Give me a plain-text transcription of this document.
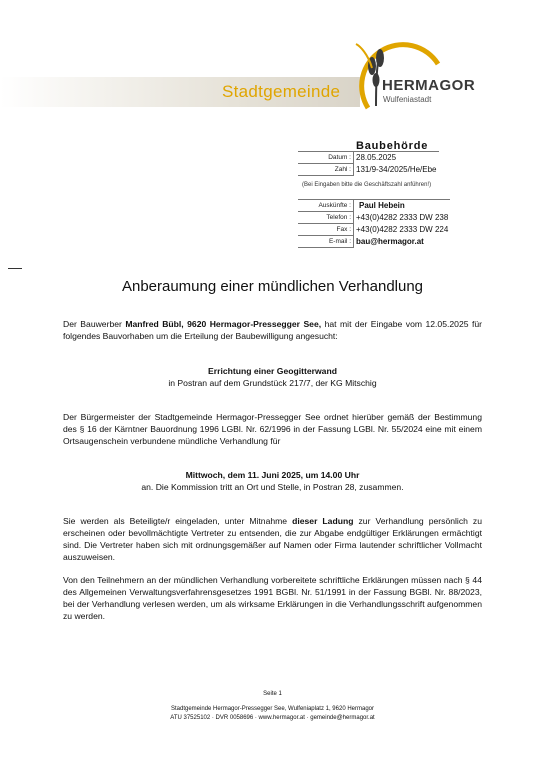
Stadtgemeinde	HERMAGOR
Wulfeniastadt
Baubehörde
Datum :	28.05.2025
Zahl :	131/9-34/2025/He/Ebe
(Bei Eingaben bitte die Geschäftszahl anführen!)
Auskünfte :	Paul Hebein
Telefon :	+43(0)4282 2333 DW 238
Fax :	+43(0)4282 2333 DW 224
E-mail :	bau@hermagor.at
Anberaumung einer mündlichen Verhandlung

Der Bauwerber Manfred Bübl, 9620 Hermagor-Pressegger See, hat mit der Eingabe vom 12.05.2025 für folgendes Bauvorhaben um die Erteilung der Baubewilligung angesucht:

Errichtung einer Geogitterwand

in Postran auf dem Grundstück 217/7, der KG Mitschig

Der Bürgermeister der Stadtgemeinde Hermagor-Pressegger See ordnet hierüber gemäß der Bestimmung des § 16 der Kärntner Bauordnung 1996 LGBl. Nr. 62/1996 in der Fassung LGBl. Nr. 55/2024 eine mit einem Ortsaugenschein verbundene mündliche Verhandlung für

Mittwoch, dem 11. Juni 2025, um 14.00 Uhr

an. Die Kommission tritt an Ort und Stelle, in Postran 28, zusammen.

Sie werden als Beteiligte/r eingeladen, unter Mitnahme dieser Ladung zur Verhandlung persönlich zu erscheinen oder bevollmächtigte Vertreter zu entsenden, die zur Abgabe endgültiger Erklärungen ermächtigt sind. Die Vertreter haben sich mit ordnungsgemäßer auf Namen oder Firma lautender schriftlicher Vollmacht auszuweisen.

Von den Teilnehmern an der mündlichen Verhandlung vorbereitete schriftliche Erklärungen müssen nach § 44 des Allgemeinen Verwaltungsverfahrensgesetzes 1991 BGBl. Nr. 51/1991 in der Fassung BGBl. Nr. 88/2023, bei der Verhandlung verlesen werden, um als wirksame Erklärungen in die Verhandlungsschrift aufgenommen zu werden.

Seite 1
Stadtgemeinde Hermagor-Pressegger See, Wulfeniaplatz 1, 9620 Hermagor
ATU 37525102 · DVR 0058696 · www.hermagor.at · gemeinde@hermagor.at
